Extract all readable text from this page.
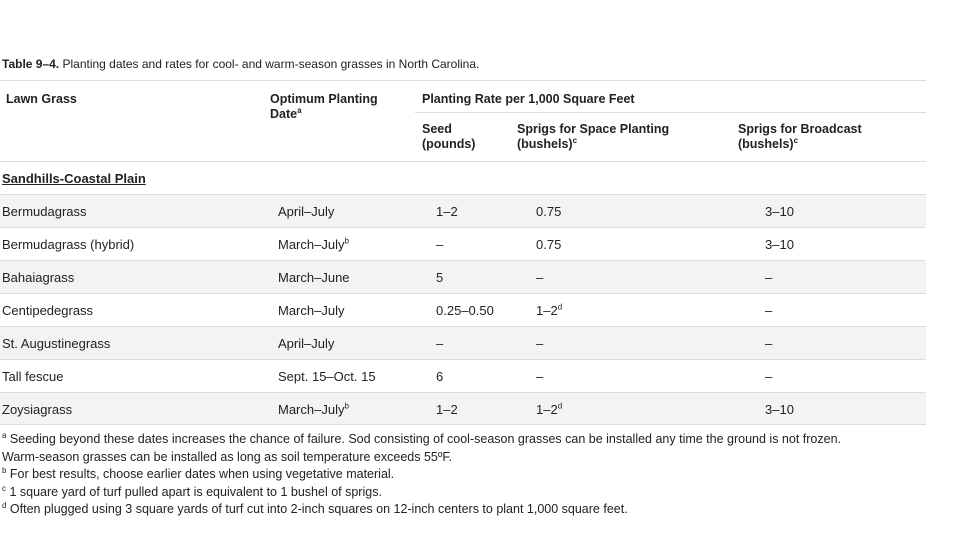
Table 9–4. Planting dates and rates for cool- and warm-season grasses in North Carolina.
Lawn Grass	Optimum Planting
Date$^a$
Planting Rate per 1,000 Square Feet
Seed
(pounds)
Sprigs for Space Planting
(bushels)$^c$
Sprigs for Broadcast
(bushels)$^c$
Sandhills-Coastal Plain
Bermudagrass	April–July	1–2	0.75	3–10
Bermudagrass (hybrid)	March–July$^b$	–	0.75	3–10
Bahaiagrass	March–June	5	–	–
Centipedegrass	March–July	0.25–0.50	1–2$^d$	–
St. Augustinegrass	April–July	–	–	–
Tall fescue	Sept. 15–Oct. 15	6	–	–
Zoysiagrass	March–July$^b$	1–2	1–2$^d$	3–10
$^a$ Seeding beyond these dates increases the chance of failure. Sod consisting of cool-season grasses can be installed any time the ground is not frozen.
Warm-season grasses can be installed as long as soil temperature exceeds 55ºF.
$^b$ For best results, choose earlier dates when using vegetative material.
$^c$ 1 square yard of turf pulled apart is equivalent to 1 bushel of sprigs.
$^d$ Often plugged using 3 square yards of turf cut into 2-inch squares on 12-inch centers to plant 1,000 square feet.
